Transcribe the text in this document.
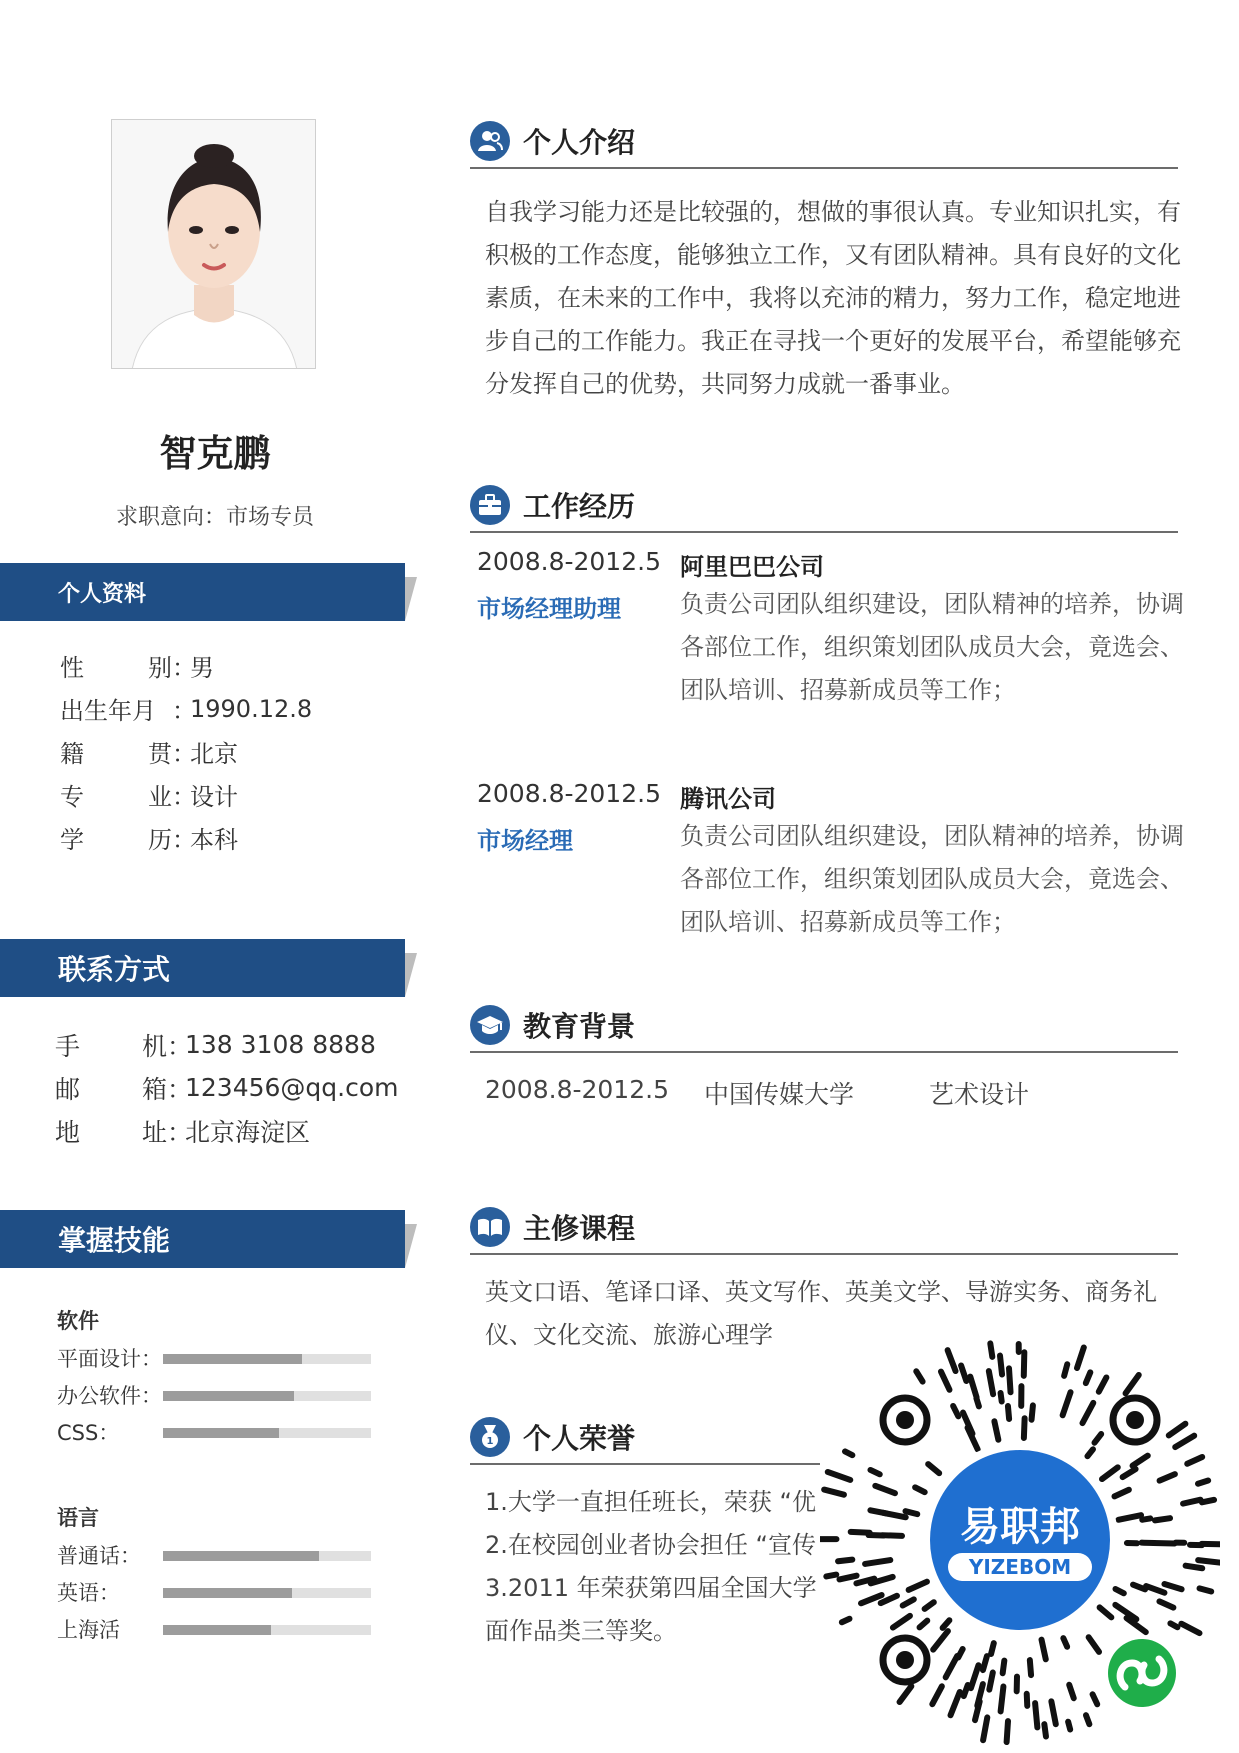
智克鹏
求职意向：市场专员
个人资料
性	别 ：
男
出生年月 ：
1990.12.8
籍	贯 ：
北京
专	业 ：
设计
学	历 ：
本科
联系方式
手 机 ：
138 3108 8888
邮 箱 ：
123456@qq.com
地 址 ：
北京海淀区
掌握技能
软件
平面设计：
办公软件：
CSS：
语言
普通话：
英语：
上海活
个人介绍
自我学习能力还是比较强的，想做的事很认真。专业知识扎实，有积极的工作态度，能够独立工作，又有团队精神。具有良好的文化素质，在未来的工作中，我将以充沛的精力，努力工作，稳定地进步自己的工作能力。我正在寻找一个更好的发展平台，希望能够充分发挥自己的优势，共同努力成就一番事业。
工作经历
2008.8-2012.5
市场经理助理
阿里巴巴公司
负责公司团队组织建设，团队精神的培养，协调各部位工作，组织策划团队成员大会，竟选会、团队培训、招募新成员等工作；
2008.8-2012.5
市场经理
腾讯公司
负责公司团队组织建设，团队精神的培养，协调各部位工作，组织策划团队成员大会，竟选会、团队培训、招募新成员等工作；
教育背景
2008.8-2012.5 中国传媒大学	艺术设计
主修课程
英文口语、笔译口译、英文写作、英美文学、导游实务、商务礼仪、文化交流、旅游心理学
1 个人荣誉
1.大学一直担任班长，荣获 “优
2.在校园创业者协会担任 “宣传
3.2011 年荣获第四届全国大学
面作品类三等奖。
易职邦
YIZEBOM
